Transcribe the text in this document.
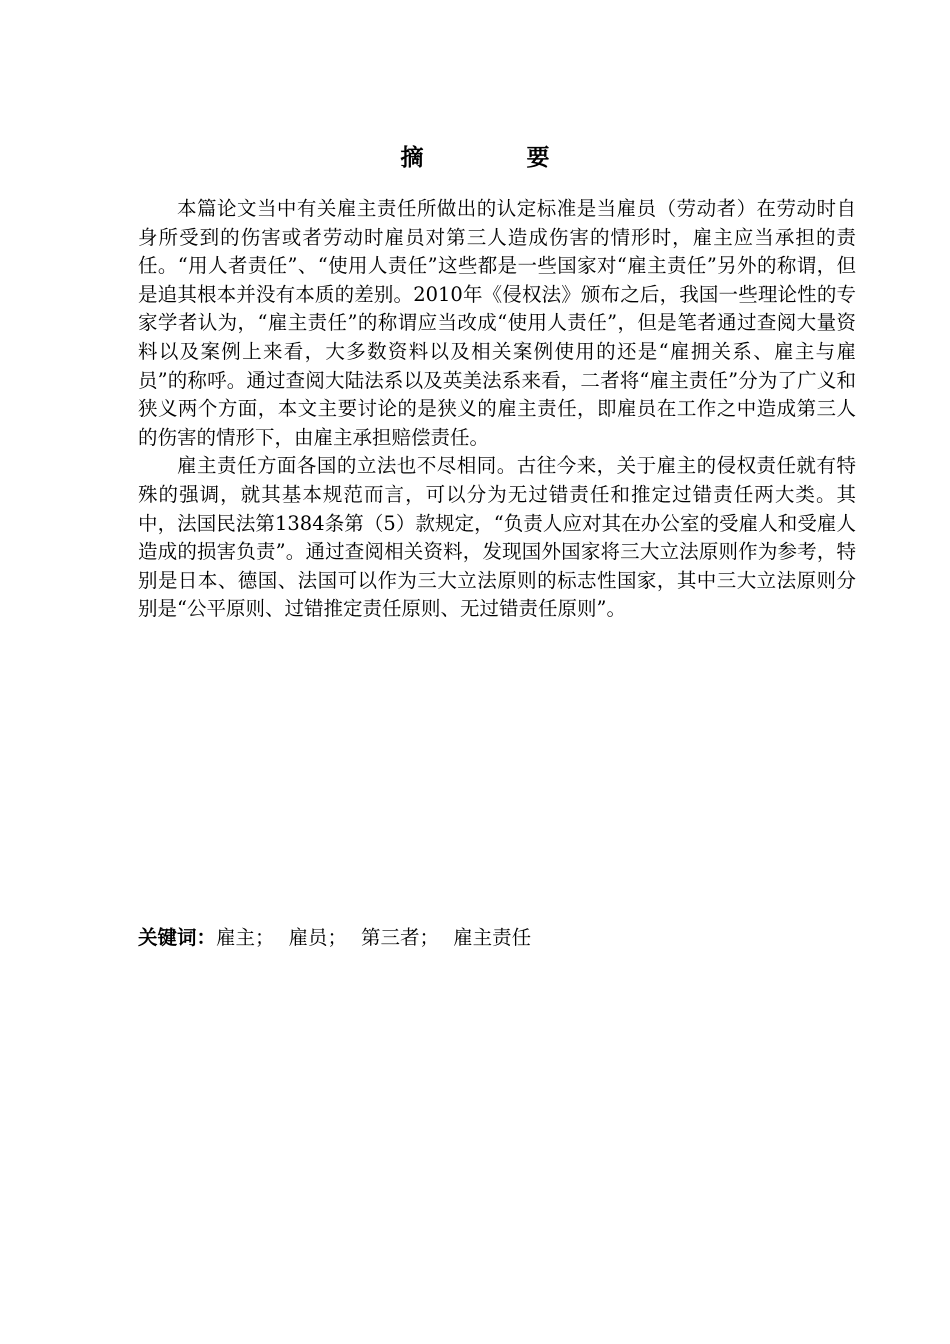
摘　要

本篇论文当中有关雇主责任所做出的认定标准是当雇员（劳动者）在劳动时自身所受到的伤害或者劳动时雇员对第三人造成伤害的情形时，雇主应当承担的责任。“用人者责任”、“使用人责任”这些都是一些国家对“雇主责任”另外的称谓，但是追其根本并没有本质的差别。2010年《侵权法》颁布之后，我国一些理论性的专家学者认为，“雇主责任”的称谓应当改成“使用人责任”，但是笔者通过查阅大量资料以及案例上来看，大多数资料以及相关案例使用的还是“雇拥关系、雇主与雇员”的称呼。通过查阅大陆法系以及英美法系来看，二者将“雇主责任”分为了广义和狭义两个方面，本文主要讨论的是狭义的雇主责任，即雇员在工作之中造成第三人的伤害的情形下，由雇主承担赔偿责任。

雇主责任方面各国的立法也不尽相同。古往今来，关于雇主的侵权责任就有特殊的强调，就其基本规范而言，可以分为无过错责任和推定过错责任两大类。其中，法国民法第1384条第（5）款规定，“负责人应对其在办公室的受雇人和受雇人造成的损害负责”。通过查阅相关资料，发现国外国家将三大立法原则作为参考，特别是日本、德国、法国可以作为三大立法原则的标志性国家，其中三大立法原则分别是“公平原则、过错推定责任原则、无过错责任原则”。

关键词：雇主； 雇员； 第三者； 雇主责任
